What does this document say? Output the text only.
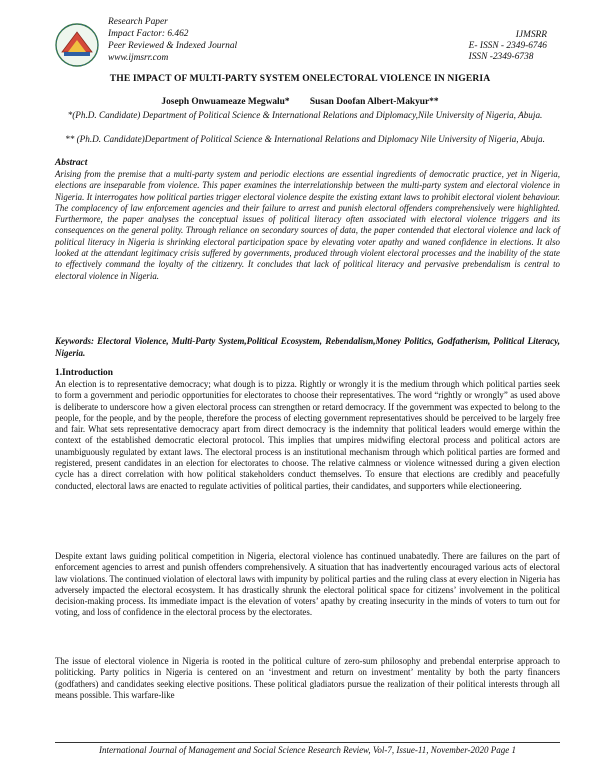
Research Paper
Impact Factor: 6.462
Peer Reviewed & Indexed Journal
www.ijmsrr.com
IJMSRR
E- ISSN - 2349-6746
ISSN -2349-6738
THE IMPACT OF MULTI-PARTY SYSTEM ONELECTORAL VIOLENCE IN NIGERIA
Joseph Onwuameaze Megwalu* Susan Doofan Albert-Makyur**
*(Ph.D. Candidate) Department of Political Science & International Relations and Diplomacy,Nile University of Nigeria, Abuja.
** (Ph.D. Candidate)Department of Political Science & International Relations and Diplomacy Nile University of Nigeria, Abuja.
Abstract

Arising from the premise that a multi-party system and periodic elections are essential ingredients of democratic practice, yet in Nigeria, elections are inseparable from violence. This paper examines the interrelationship between the multi-party system and electoral violence in Nigeria. It interrogates how political parties trigger electoral violence despite the existing extant laws to prohibit electoral violent behaviour. The complacency of law enforcement agencies and their failure to arrest and punish electoral offenders comprehensively were highlighted. Furthermore, the paper analyses the conceptual issues of political literacy often associated with electoral violence triggers and its consequences on the general polity. Through reliance on secondary sources of data, the paper contended that electoral violence and lack of political literacy in Nigeria is shrinking electoral participation space by elevating voter apathy and waned confidence in elections. It also looked at the attendant legitimacy crisis suffered by governments, produced through violent electoral processes and the inability of the state to effectively command the loyalty of the citizenry. It concludes that lack of political literacy and pervasive prebendalism is central to electoral violence in Nigeria.

Keywords: Electoral Violence, Multi-Party System,Political Ecosystem, Rebendalism,Money Politics, Godfatherism, Political Literacy, Nigeria.

1.Introduction

An election is to representative democracy; what dough is to pizza. Rightly or wrongly it is the medium through which political parties seek to form a government and periodic opportunities for electorates to choose their representatives. The word “rightly or wrongly” as used above is deliberate to underscore how a given electoral process can strengthen or retard democracy. If the government was expected to belong to the people, for the people, and by the people, therefore the process of electing government representatives should be perceived to be largely free and fair. What sets representative democracy apart from direct democracy is the indemnity that political leaders would emerge within the context of the established democratic electoral protocol. This implies that umpires midwifing electoral process and political actors are unambiguously regulated by extant laws. The electoral process is an institutional mechanism through which political parties are formed and registered, present candidates in an election for electorates to choose. The relative calmness or violence witnessed during a given election cycle has a direct correlation with how political stakeholders conduct themselves. To ensure that elections are credibly and peacefully conducted, electoral laws are enacted to regulate activities of political parties, their candidates, and supporters while electioneering.

Despite extant laws guiding political competition in Nigeria, electoral violence has continued unabatedly. There are failures on the part of enforcement agencies to arrest and punish offenders comprehensively. A situation that has inadvertently encouraged various acts of electoral law violations. The continued violation of electoral laws with impunity by political parties and the ruling class at every election in Nigeria has adversely impacted the electoral ecosystem. It has drastically shrunk the electoral political space for citizens’ involvement in the political decision-making process. Its immediate impact is the elevation of voters’ apathy by creating insecurity in the minds of voters to turn out for voting, and loss of confidence in the electoral process by the electorates.

The issue of electoral violence in Nigeria is rooted in the political culture of zero-sum philosophy and prebendal enterprise approach to politicking. Party politics in Nigeria is centered on an ‘investment and return on investment’ mentality by both the party financers (godfathers) and candidates seeking elective positions. These political gladiators pursue the realization of their political interests through all means possible. This warfare-like

International Journal of Management and Social Science Research Review, Vol-7, Issue-11, November-2020 Page 1
